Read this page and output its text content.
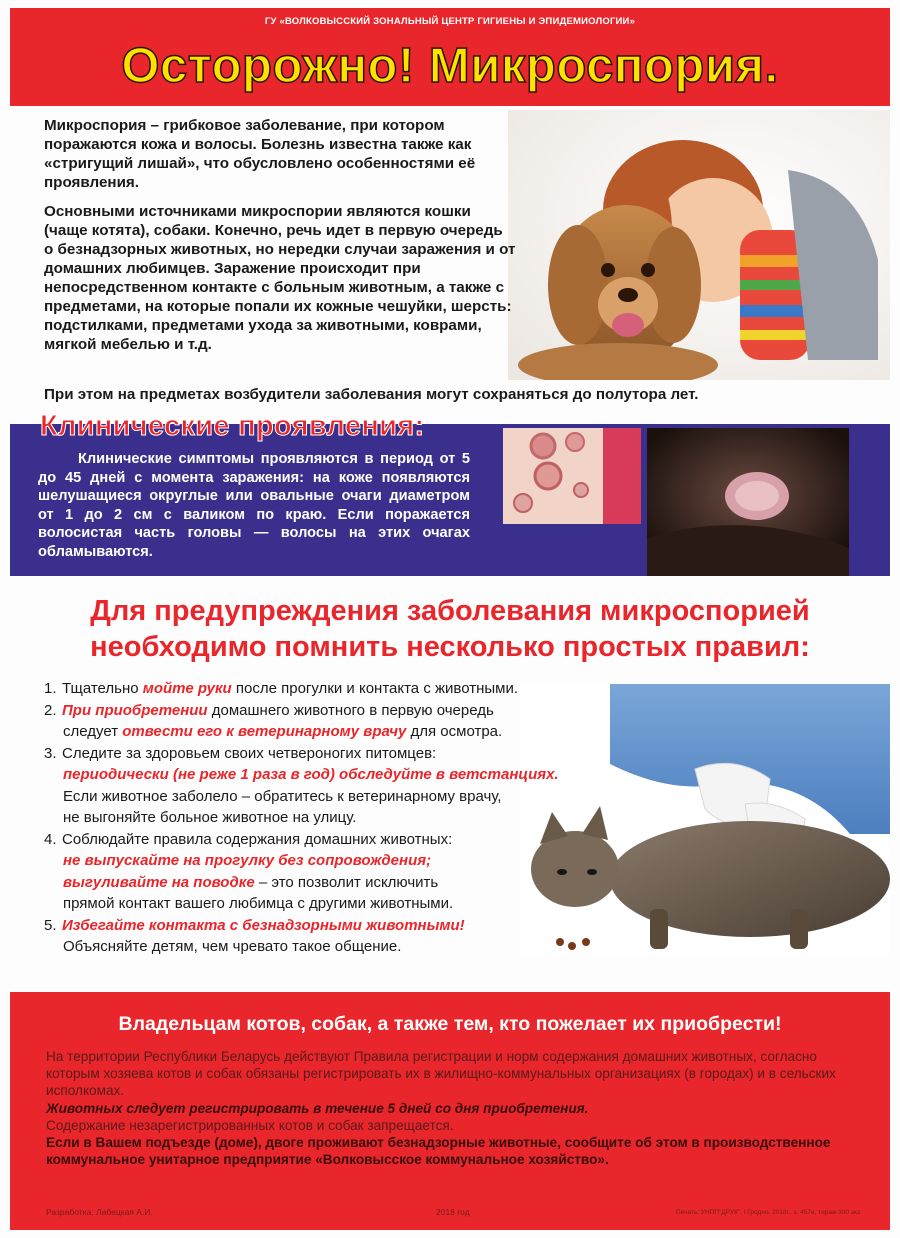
ГУ «ВОЛКОВЫССКИЙ ЗОНАЛЬНЫЙ ЦЕНТР ГИГИЕНЫ И ЭПИДЕМИОЛОГИИ»
Осторожно! Микроспория.

Микроспория – грибковое заболевание, при котором поражаются кожа и волосы. Болезнь известна также как «стригущий лишай», что обусловлено особенностями её проявления.

Основными источниками микроспории являются кошки (чаще котята), собаки. Конечно, речь идет в первую очередь о безнадзорных животных, но нередки случаи заражения и от домашних любимцев. Заражение происходит при непосредственном контакте с больным животным, а также с предметами, на которые попали их кожные чешуйки, шерсть: подстилками, предметами ухода за животными, коврами, мягкой мебелью и т.д.

При этом на предметах возбудители заболевания могут сохраняться до полутора лет.

Клинические проявления:

Клинические симптомы проявляются в период от 5 до 45 дней с момента заражения: на коже появляются шелушащиеся округлые или овальные очаги диаметром от 1 до 2 см с валиком по краю. Если поражается волосистая часть головы — волосы на этих очагах обламываются.

Для предупреждения заболевания микроспорией
необходимо помнить несколько простых правил:

1. Тщательно мойте руки после прогулки и контакта с животными.

2. При приобретении домашнего животного в первую очередь
следует отвести его к ветеринарному врачу для осмотра.

3. Следите за здоровьем своих четвероногих питомцев:
периодически (не реже 1 раза в год) обследуйте в ветстанциях.
Если животное заболело – обратитесь к ветеринарному врачу,
не выгоняйте больное животное на улицу.

4. Соблюдайте правила содержания домашних животных:
не выпускайте на прогулку без сопровождения;
выгуливайте на поводке – это позволит исключить
прямой контакт вашего любимца с другими животными.

5. Избегайте контакта с безнадзорными животными!
Объясняйте детям, чем чревато такое общение.

Владельцам котов, собак, а также тем, кто пожелает их приобрести!

На территории Республики Беларусь действуют Правила регистрации и норм содержания домашних животных, согласно которым хозяева котов и собак обязаны регистрировать их в жилищно-коммунальных организациях (в городах) и в сельских исполкомах.

Животных следует регистрировать в течение 5 дней со дня приобретения.

Содержание незарегистрированных котов и собак запрещается.

Если в Вашем подъезде (доме), двоге проживают безнадзорные животные, сообщите об этом в производственное коммунальное унитарное предприятие «Волковысское коммунальное хозяйство».

Разработка: Лабецкая А.И.	2018 год	Печать: УНПП"ДРУК", г.Гродно, 2018г., з. 457а, тираж 300 экз.
